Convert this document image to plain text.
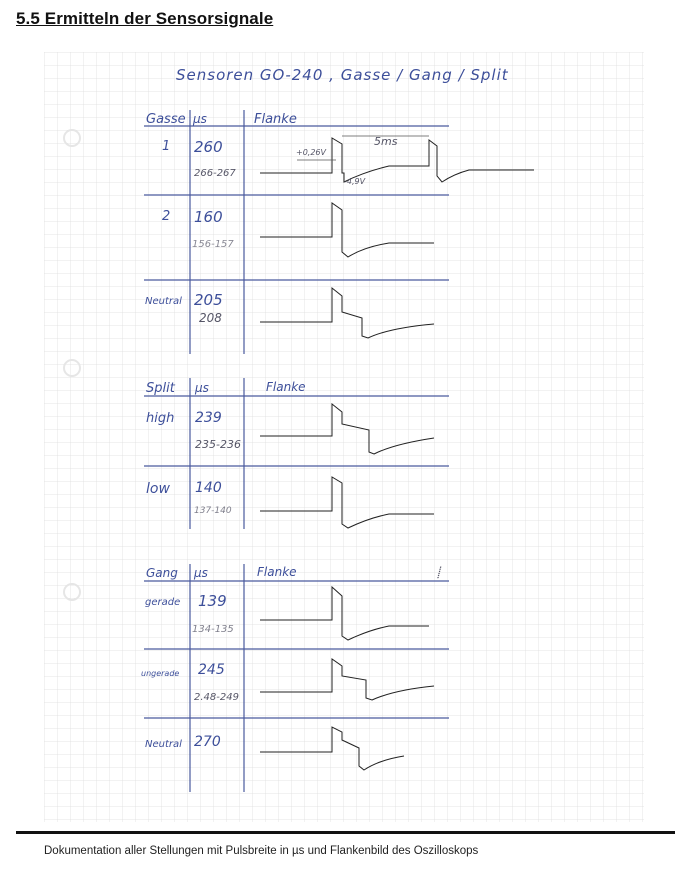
5.5 Ermitteln der Sensorsignale
Sensoren GO-240 , Gasse / Gang / Split
Gasse µs	Flanke
1 260
266-267
2 160
156-157
Neutral 205
208
5ms
+0,26V
-4,9V
Split µs	Flanke
high 239
235-236
low 140
137-140
Gang µs	Flanke	⸽
gerade 139
134-135
ungerade 245
2.48-249
Neutral 270
Dokumentation aller Stellungen mit Pulsbreite in µs und Flankenbild des Oszilloskops
